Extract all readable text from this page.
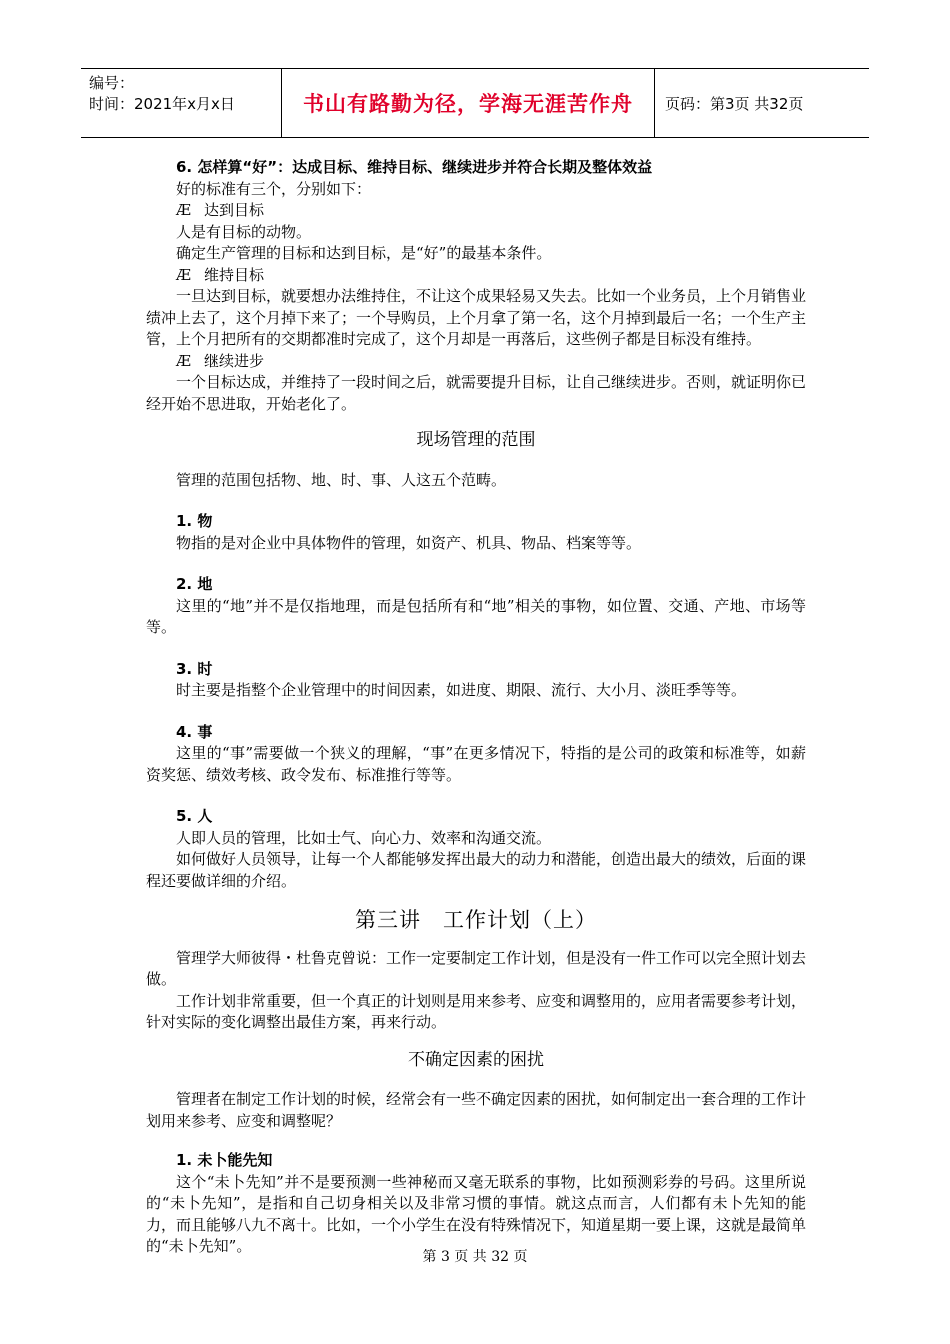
编号：
时间：2021年x月x日	书山有路勤为径，学海无涯苦作舟	页码：第3页 共32页

6. 怎样算“好”：达成目标、维持目标、继续进步并符合长期及整体效益

好的标准有三个，分别如下：

Æ 达到目标

人是有目标的动物。

确定生产管理的目标和达到目标，是“好”的最基本条件。

Æ 维持目标

一旦达到目标，就要想办法维持住，不让这个成果轻易又失去。比如一个业务员，上个月销售业绩冲上去了，这个月掉下来了；一个导购员，上个月拿了第一名，这个月掉到最后一名；一个生产主管，上个月把所有的交期都准时完成了，这个月却是一再落后，这些例子都是目标没有维持。

Æ 继续进步

一个目标达成，并维持了一段时间之后，就需要提升目标，让自己继续进步。否则，就证明你已经开始不思进取，开始老化了。

现场管理的范围

管理的范围包括物、地、时、事、人这五个范畴。

1. 物

物指的是对企业中具体物件的管理，如资产、机具、物品、档案等等。

2. 地

这里的“地”并不是仅指地理，而是包括所有和“地”相关的事物，如位置、交通、产地、市场等等。

3. 时

时主要是指整个企业管理中的时间因素，如进度、期限、流行、大小月、淡旺季等等。

4. 事

这里的“事”需要做一个狭义的理解，“事”在更多情况下，特指的是公司的政策和标准等，如薪资奖惩、绩效考核、政令发布、标准推行等等。

5. 人

人即人员的管理，比如士气、向心力、效率和沟通交流。

如何做好人员领导，让每一个人都能够发挥出最大的动力和潜能，创造出最大的绩效，后面的课程还要做详细的介绍。

第三讲　工作计划（上）

管理学大师彼得・杜鲁克曾说：工作一定要制定工作计划，但是没有一件工作可以完全照计划去做。

工作计划非常重要，但一个真正的计划则是用来参考、应变和调整用的，应用者需要参考计划，针对实际的变化调整出最佳方案，再来行动。

不确定因素的困扰

管理者在制定工作计划的时候，经常会有一些不确定因素的困扰，如何制定出一套合理的工作计划用来参考、应变和调整呢？

1. 未卜能先知

这个“未卜先知”并不是要预测一些神秘而又毫无联系的事物，比如预测彩券的号码。这里所说的“未卜先知”，是指和自己切身相关以及非常习惯的事情。就这点而言，人们都有未卜先知的能力，而且能够八九不离十。比如，一个小学生在没有特殊情况下，知道星期一要上课，这就是最简单的“未卜先知”。

第 3 页 共 32 页
